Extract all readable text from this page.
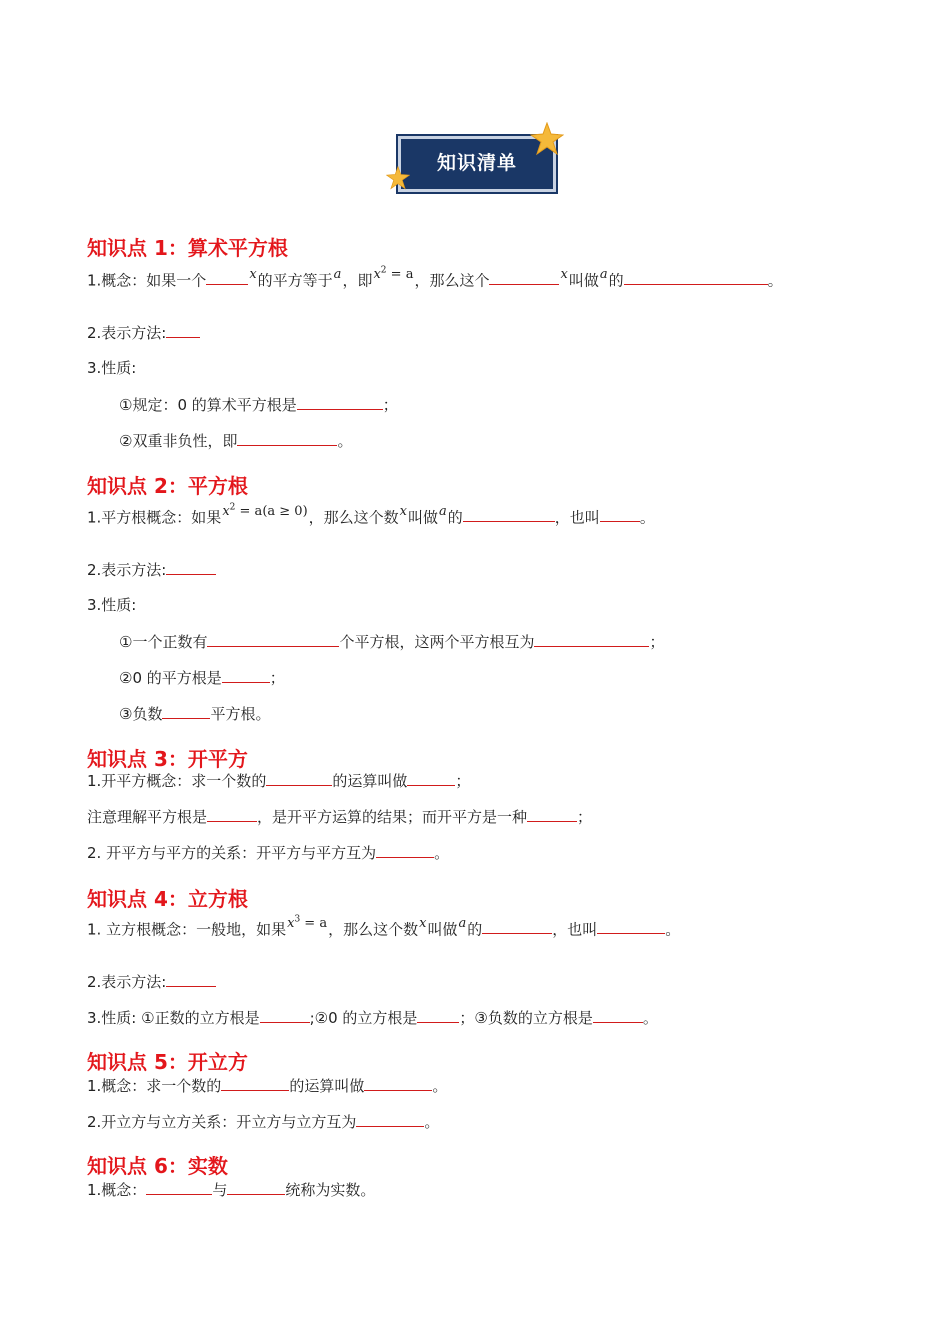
知识清单
知识点 1：算术平方根
1.概念：如果一个	x的平方等于a，即$x^2 = a$，那么这个	x叫做a的	。
2.表示方法:
3.性质:
①规定：0 的算术平方根是	；
②双重非负性，即	。
知识点 2：平方根
1.平方根概念：如果$x^2 = a(a \ge 0)$，那么这个数x叫做a的	，也叫	。
2.表示方法:
3.性质:
①一个正数有	个平方根，这两个平方根互为	；
②0 的平方根是	；
③负数	平方根。
知识点 3：开平方
1.开平方概念：求一个数的	的运算叫做	；
注意理解平方根是	，是开平方运算的结果；而开平方是一种	；
2. 开平方与平方的关系：开平方与平方互为	。
知识点 4：立方根
1. 立方根概念：一般地，如果$x^3 = a$，那么这个数x叫做a的	，也叫	。
2.表示方法:
3.性质: ①正数的立方根是	;②0 的立方根是	；③负数的立方根是	。
知识点 5：开立方
1.概念：求一个数的	的运算叫做	。
2.开立方与立方关系：开立方与立方互为	。
知识点 6：实数
1.概念：	与	统称为实数。
